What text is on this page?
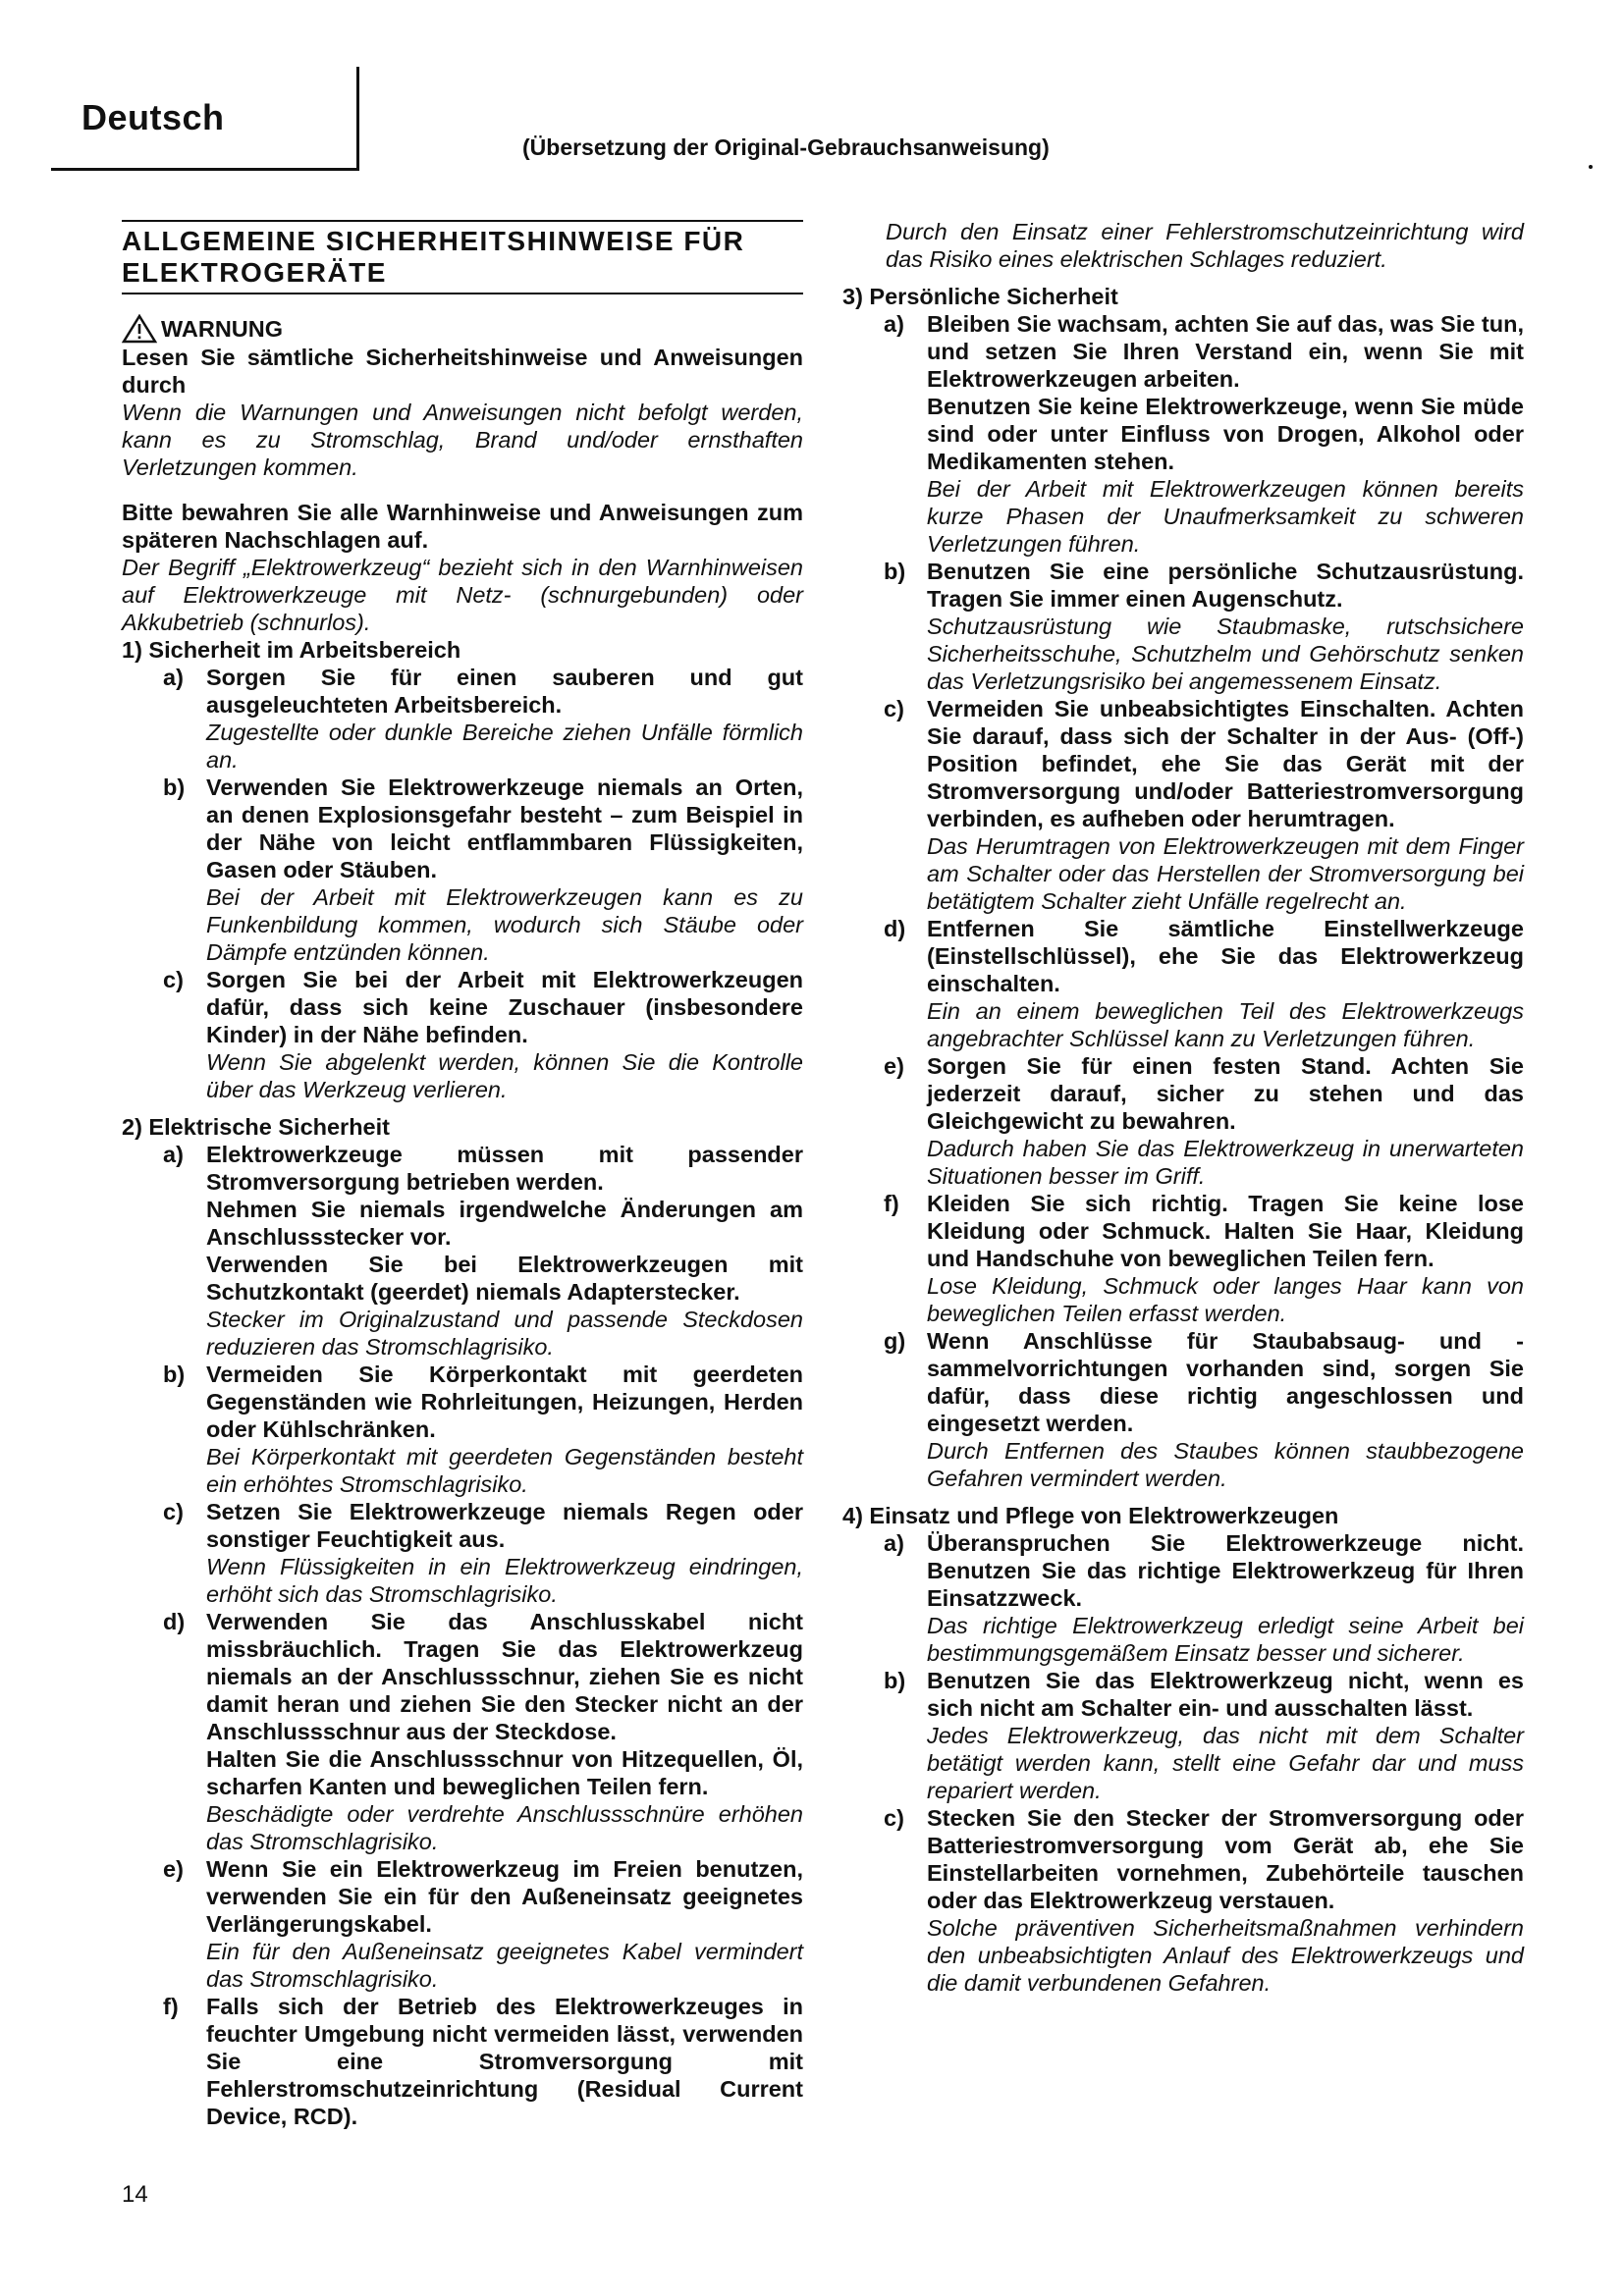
Deutsch
(Übersetzung der Original-Gebrauchsanweisung)
ALLGEMEINE SICHERHEITSHINWEISE FÜR ELEKTROGERÄTE
WARNUNG
Lesen Sie sämtliche Sicherheitshinweise und Anweisungen durch
Wenn die Warnungen und Anweisungen nicht befolgt werden, kann es zu Stromschlag, Brand und/oder ernsthaften Verletzungen kommen.
Bitte bewahren Sie alle Warnhinweise und Anweisungen zum späteren Nachschlagen auf.
Der Begriff „Elektrowerkzeug“ bezieht sich in den Warnhinweisen auf Elektrowerkzeuge mit Netz- (schnurgebunden) oder Akkubetrieb (schnurlos).
1) Sicherheit im Arbeitsbereich
a) Sorgen Sie für einen sauberen und gut ausgeleuchteten Arbeitsbereich.
Zugestellte oder dunkle Bereiche ziehen Unfälle förmlich an.
b) Verwenden Sie Elektrowerkzeuge niemals an Orten, an denen Explosionsgefahr besteht – zum Beispiel in der Nähe von leicht entflammbaren Flüssigkeiten, Gasen oder Stäuben.
Bei der Arbeit mit Elektrowerkzeugen kann es zu Funkenbildung kommen, wodurch sich Stäube oder Dämpfe entzünden können.
c) Sorgen Sie bei der Arbeit mit Elektrowerkzeugen dafür, dass sich keine Zuschauer (insbesondere Kinder) in der Nähe befinden.
Wenn Sie abgelenkt werden, können Sie die Kontrolle über das Werkzeug verlieren.
2) Elektrische Sicherheit
a) Elektrowerkzeuge müssen mit passender Stromversorgung betrieben werden.
Nehmen Sie niemals irgendwelche Änderungen am Anschlussstecker vor.
Verwenden Sie bei Elektrowerkzeugen mit Schutzkontakt (geerdet) niemals Adapterstecker.
Stecker im Originalzustand und passende Steckdosen reduzieren das Stromschlagrisiko.
b) Vermeiden Sie Körperkontakt mit geerdeten Gegenständen wie Rohrleitungen, Heizungen, Herden oder Kühlschränken.
Bei Körperkontakt mit geerdeten Gegenständen besteht ein erhöhtes Stromschlagrisiko.
c) Setzen Sie Elektrowerkzeuge niemals Regen oder sonstiger Feuchtigkeit aus.
Wenn Flüssigkeiten in ein Elektrowerkzeug eindringen, erhöht sich das Stromschlagrisiko.
d) Verwenden Sie das Anschlusskabel nicht missbräuchlich. Tragen Sie das Elektrowerkzeug niemals an der Anschlussschnur, ziehen Sie es nicht damit heran und ziehen Sie den Stecker nicht an der Anschlussschnur aus der Steckdose.
Halten Sie die Anschlussschnur von Hitzequellen, Öl, scharfen Kanten und beweglichen Teilen fern.
Beschädigte oder verdrehte Anschlussschnüre erhöhen das Stromschlagrisiko.
e) Wenn Sie ein Elektrowerkzeug im Freien benutzen, verwenden Sie ein für den Außeneinsatz geeignetes Verlängerungskabel.
Ein für den Außeneinsatz geeignetes Kabel vermindert das Stromschlagrisiko.
f)	Falls sich der Betrieb des Elektrowerkzeuges in feuchter Umgebung nicht vermeiden lässt, verwenden Sie eine Stromversorgung mit Fehlerstromschutzeinrichtung (Residual Current Device, RCD).
Durch den Einsatz einer Fehlerstromschutzeinrichtung wird das Risiko eines elektrischen Schlages reduziert.
3) Persönliche Sicherheit
a) Bleiben Sie wachsam, achten Sie auf das, was Sie tun, und setzen Sie Ihren Verstand ein, wenn Sie mit Elektrowerkzeugen arbeiten.
Benutzen Sie keine Elektrowerkzeuge, wenn Sie müde sind oder unter Einfluss von Drogen, Alkohol oder Medikamenten stehen.
Bei der Arbeit mit Elektrowerkzeugen können bereits kurze Phasen der Unaufmerksamkeit zu schweren Verletzungen führen.
b) Benutzen Sie eine persönliche Schutzausrüstung. Tragen Sie immer einen Augenschutz.
Schutzausrüstung wie Staubmaske, rutschsichere Sicherheitsschuhe, Schutzhelm und Gehörschutz senken das Verletzungsrisiko bei angemessenem Einsatz.
c) Vermeiden Sie unbeabsichtigtes Einschalten. Achten Sie darauf, dass sich der Schalter in der Aus- (Off-) Position befindet, ehe Sie das Gerät mit der Stromversorgung und/oder Batteriestromversorgung verbinden, es aufheben oder herumtragen.
Das Herumtragen von Elektrowerkzeugen mit dem Finger am Schalter oder das Herstellen der Stromversorgung bei betätigtem Schalter zieht Unfälle regelrecht an.
d) Entfernen Sie sämtliche Einstellwerkzeuge (Einstellschlüssel), ehe Sie das Elektrowerkzeug einschalten.
Ein an einem beweglichen Teil des Elektrowerkzeugs angebrachter Schlüssel kann zu Verletzungen führen.
e) Sorgen Sie für einen festen Stand. Achten Sie jederzeit darauf, sicher zu stehen und das Gleichgewicht zu bewahren.
Dadurch haben Sie das Elektrowerkzeug in unerwarteten Situationen besser im Griff.
f)	Kleiden Sie sich richtig. Tragen Sie keine lose Kleidung oder Schmuck. Halten Sie Haar, Kleidung und Handschuhe von beweglichen Teilen fern.
Lose Kleidung, Schmuck oder langes Haar kann von beweglichen Teilen erfasst werden.
g) Wenn Anschlüsse für Staubabsaug- und -sammelvorrichtungen vorhanden sind, sorgen Sie dafür, dass diese richtig angeschlossen und eingesetzt werden.
Durch Entfernen des Staubes können staubbezogene Gefahren vermindert werden.
4) Einsatz und Pflege von Elektrowerkzeugen
a) Überanspruchen Sie Elektrowerkzeuge nicht. Benutzen Sie das richtige Elektrowerkzeug für Ihren Einsatzzweck.
Das richtige Elektrowerkzeug erledigt seine Arbeit bei bestimmungsgemäßem Einsatz besser und sicherer.
b) Benutzen Sie das Elektrowerkzeug nicht, wenn es sich nicht am Schalter ein- und ausschalten lässt.
Jedes Elektrowerkzeug, das nicht mit dem Schalter betätigt werden kann, stellt eine Gefahr dar und muss repariert werden.
c) Stecken Sie den Stecker der Stromversorgung oder Batteriestromversorgung vom Gerät ab, ehe Sie Einstellarbeiten vornehmen, Zubehörteile tauschen oder das Elektrowerkzeug verstauen.
Solche präventiven Sicherheitsmaßnahmen verhindern den unbeabsichtigten Anlauf des Elektrowerkzeugs und die damit verbundenen Gefahren.
14
